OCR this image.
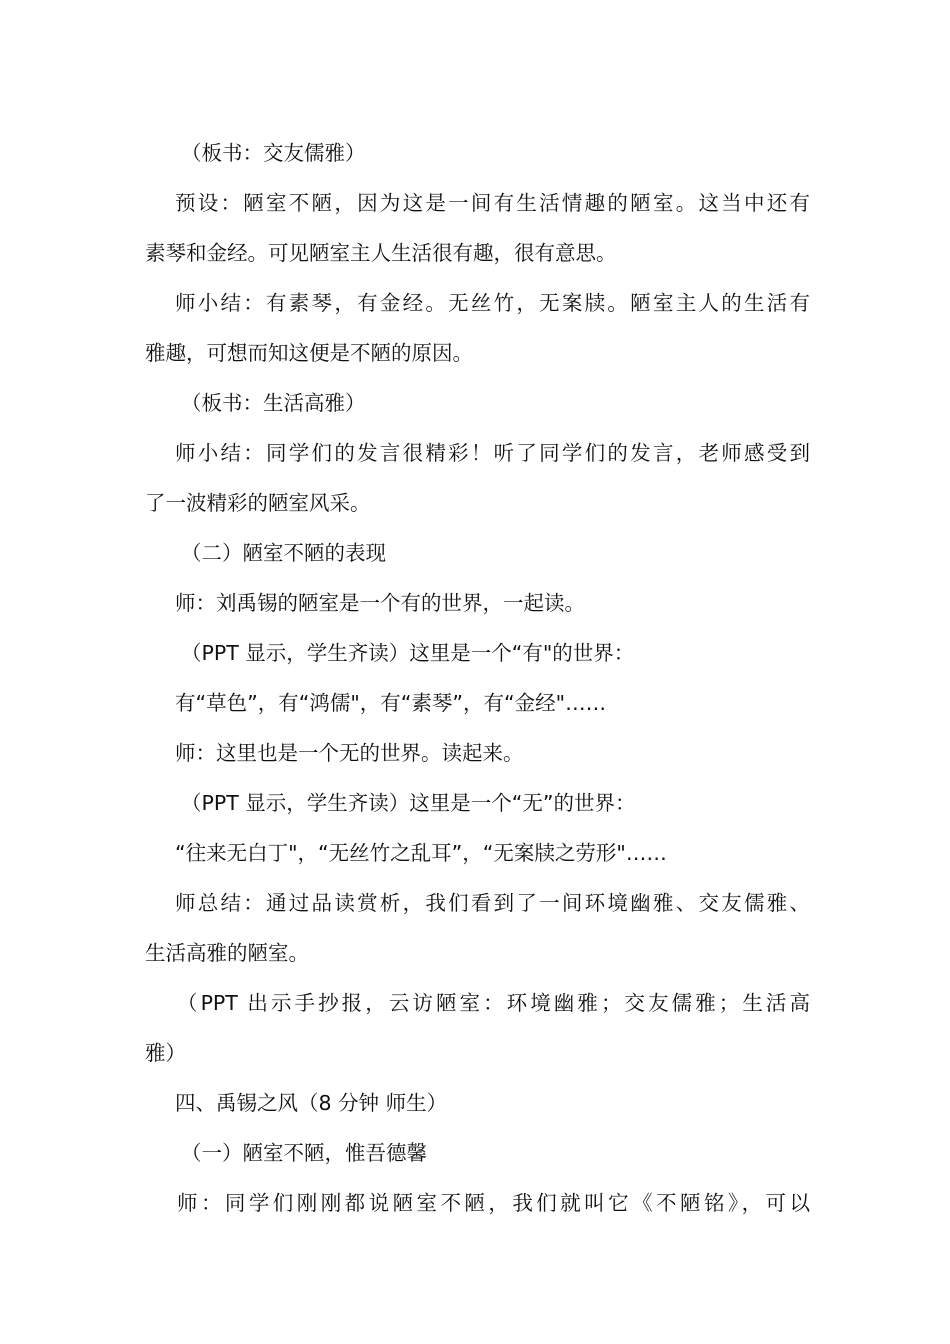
（板书：交友儒雅）
预设：陋室不陋，因为这是一间有生活情趣的陋室。这当中还有
素琴和金经。可见陋室主人生活很有趣，很有意思。
师小结：有素琴，有金经。无丝竹，无案牍。陋室主人的生活有
雅趣，可想而知这便是不陋的原因。
（板书：生活高雅）
师小结：同学们的发言很精彩！听了同学们的发言，老师感受到
了一波精彩的陋室风采。
（二）陋室不陋的表现
师：刘禹锡的陋室是一个有的世界，一起读。
（PPT 显示，学生齐读）这里是一个“有"的世界：
有“草色”，有“鸿儒"，有“素琴”，有“金经"……
师：这里也是一个无的世界。读起来。
（PPT 显示，学生齐读）这里是一个“无”的世界：
“往来无白丁"，“无丝竹之乱耳”，“无案牍之劳形"……
师总结：通过品读赏析，我们看到了一间环境幽雅、交友儒雅、
生活高雅的陋室。
（PPT 出示手抄报，云访陋室：环境幽雅；交友儒雅；生活高
雅）
四、禹锡之风（8 分钟 师生）
（一）陋室不陋，惟吾德馨
师：同学们刚刚都说陋室不陋，我们就叫它《不陋铭》，可以
